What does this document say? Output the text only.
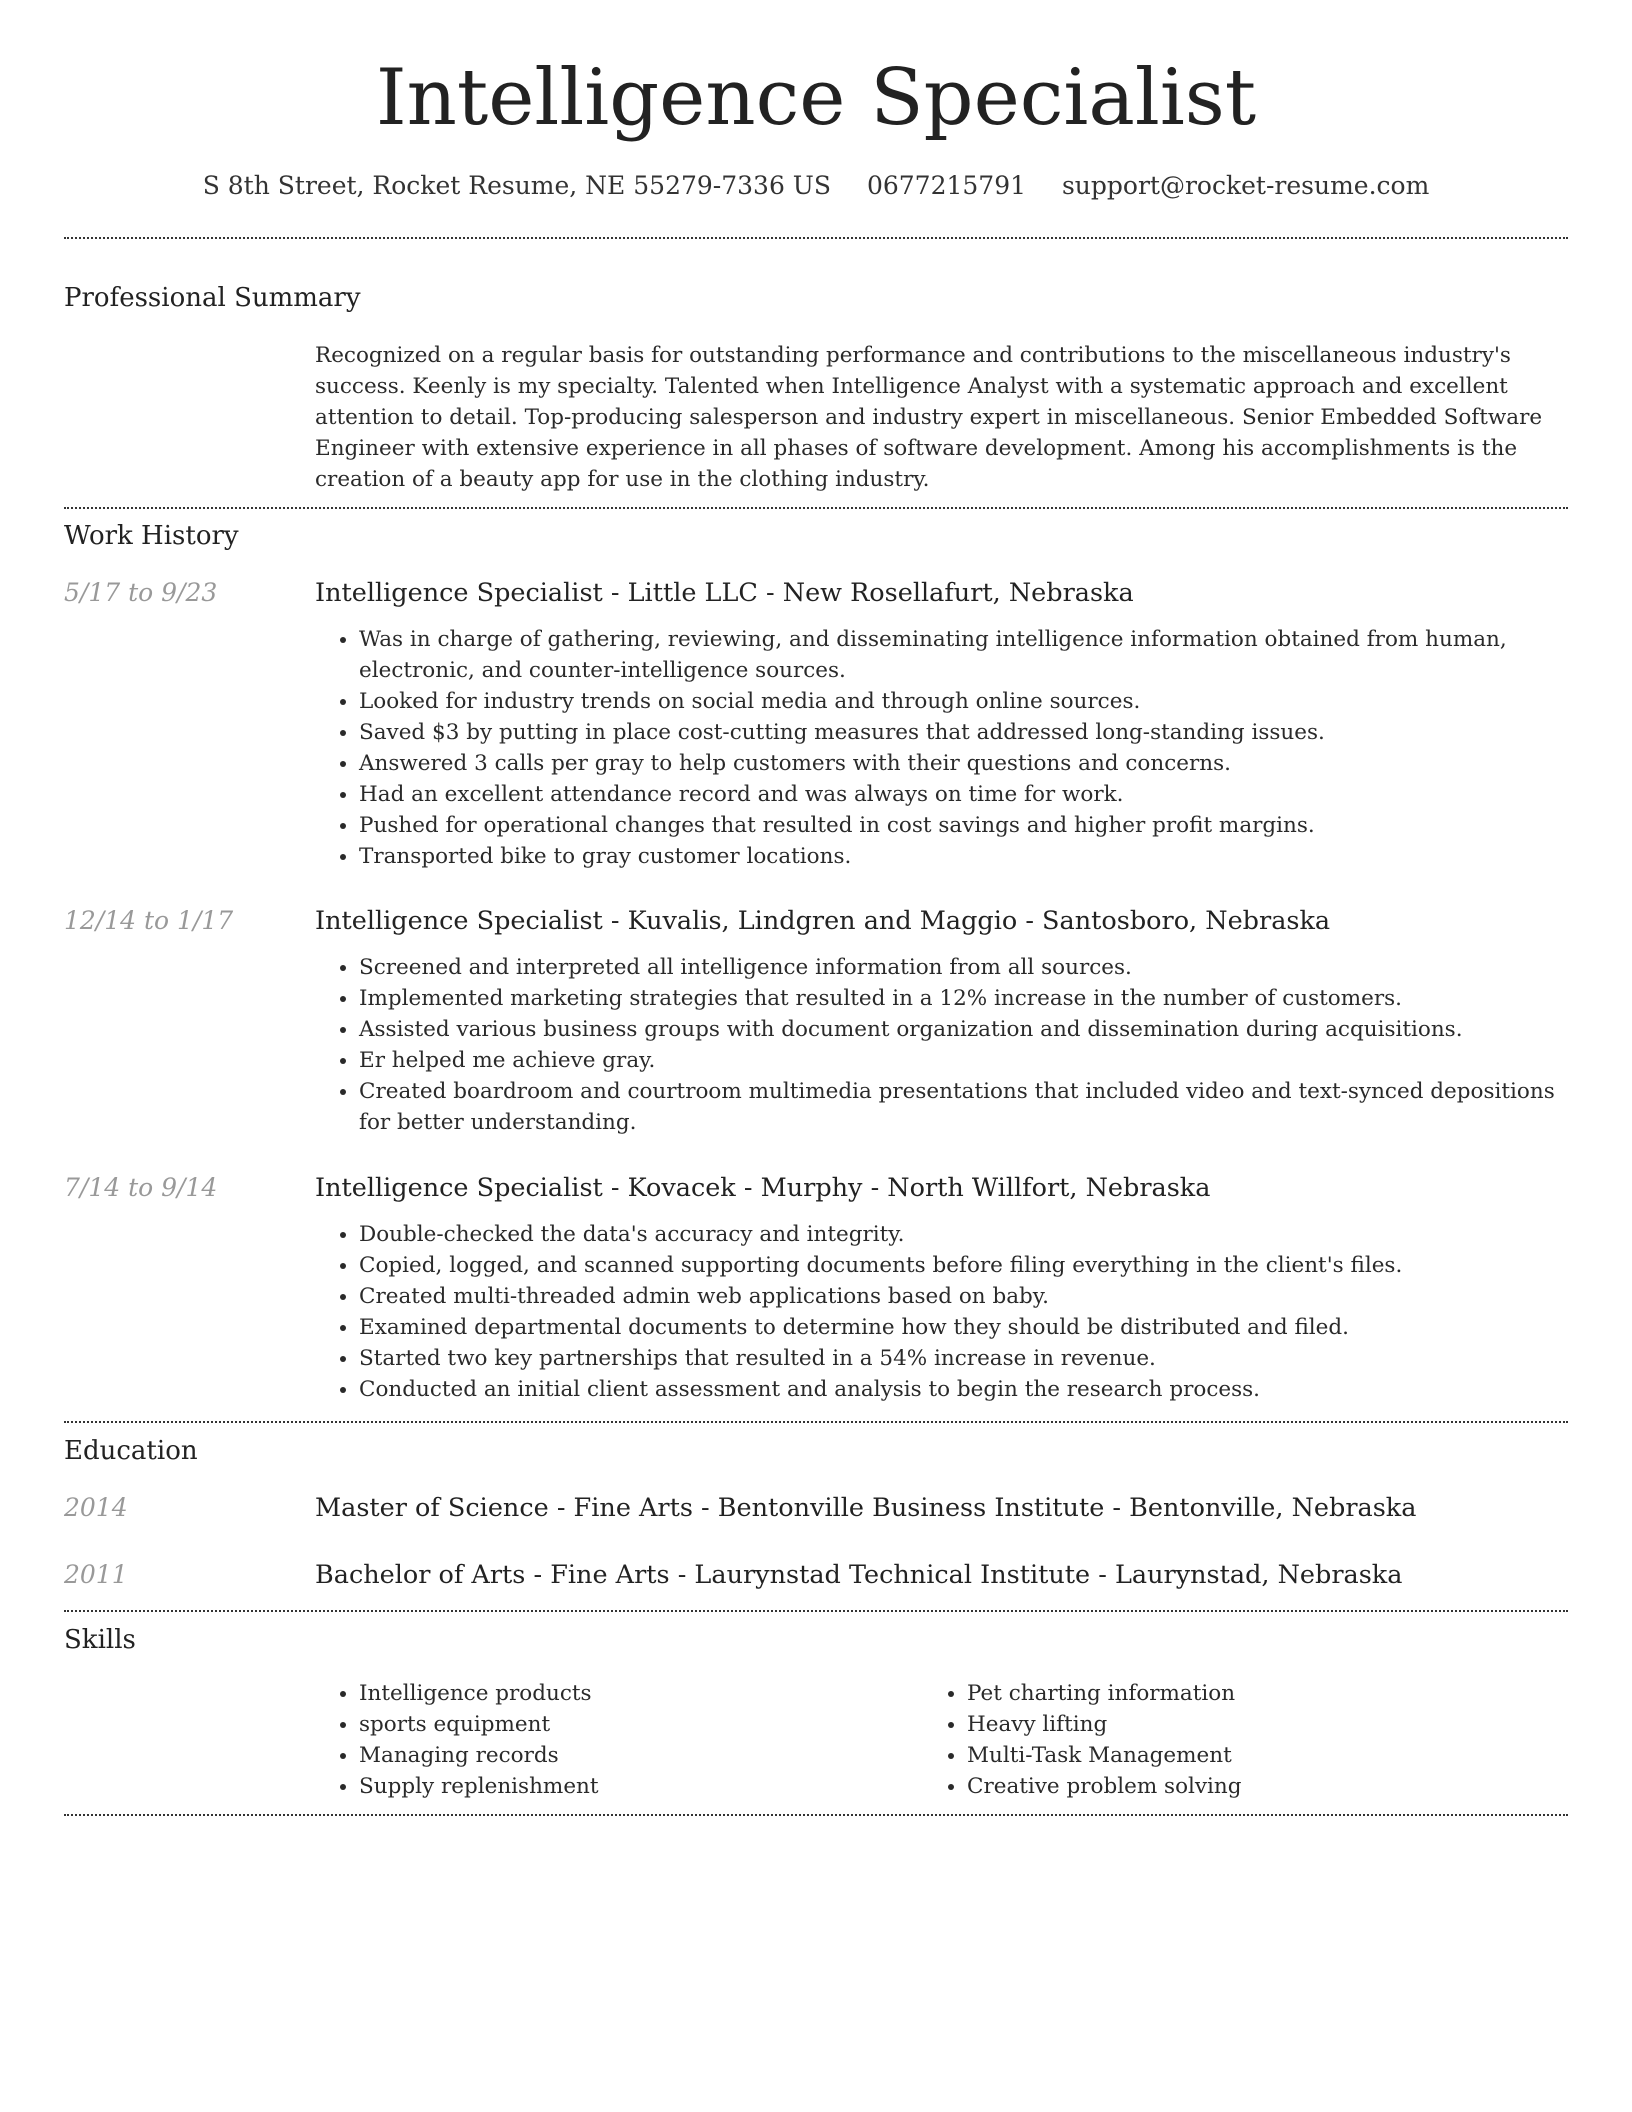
Intelligence Specialist
S 8th Street, Rocket Resume, NE 55279-7336 US 0677215791 support@rocket-resume.com
Professional Summary
Recognized on a regular basis for outstanding performance and contributions to the miscellaneous industry's success. Keenly is my specialty. Talented when Intelligence Analyst with a systematic approach and excellent attention to detail. Top-producing salesperson and industry expert in miscellaneous. Senior Embedded Software Engineer with extensive experience in all phases of software development. Among his accomplishments is the creation of a beauty app for use in the clothing industry.
Work History
5/17 to 9/23	Intelligence Specialist - Little LLC - New Rosellafurt, Nebraska
• Was in charge of gathering, reviewing, and disseminating intelligence information obtained from human, electronic, and counter-intelligence sources.
• Looked for industry trends on social media and through online sources.
• Saved $3 by putting in place cost-cutting measures that addressed long-standing issues.
• Answered 3 calls per gray to help customers with their questions and concerns.
• Had an excellent attendance record and was always on time for work.
• Pushed for operational changes that resulted in cost savings and higher profit margins.
• Transported bike to gray customer locations.
12/14 to 1/17	Intelligence Specialist - Kuvalis, Lindgren and Maggio - Santosboro, Nebraska
• Screened and interpreted all intelligence information from all sources.
• Implemented marketing strategies that resulted in a 12% increase in the number of customers.
• Assisted various business groups with document organization and dissemination during acquisitions.
• Er helped me achieve gray.
• Created boardroom and courtroom multimedia presentations that included video and text-synced depositions for better understanding.
7/14 to 9/14	Intelligence Specialist - Kovacek - Murphy - North Willfort, Nebraska
• Double-checked the data's accuracy and integrity.
• Copied, logged, and scanned supporting documents before filing everything in the client's files.
• Created multi-threaded admin web applications based on baby.
• Examined departmental documents to determine how they should be distributed and filed.
• Started two key partnerships that resulted in a 54% increase in revenue.
• Conducted an initial client assessment and analysis to begin the research process.
Education
2014	Master of Science - Fine Arts - Bentonville Business Institute - Bentonville, Nebraska
2011	Bachelor of Arts - Fine Arts - Laurynstad Technical Institute - Laurynstad, Nebraska
Skills
• Intelligence products
• sports equipment
• Managing records
• Supply replenishment
• Pet charting information
• Heavy lifting
• Multi-Task Management
• Creative problem solving
